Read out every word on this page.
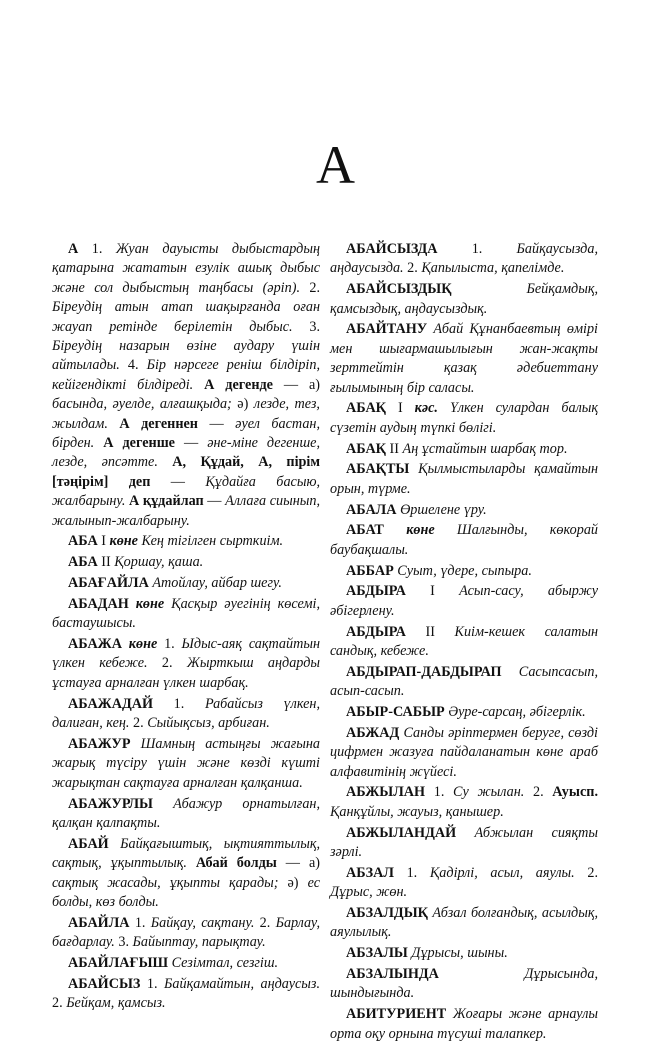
А

А 1. Жуан дауысты дыбыстардың қатарына жататын езулік ашық дыбыс және сол дыбыстың таңбасы (әріп). 2. Біреудің атын атап шақырғанда оған жауап ретінде берілетін дыбыс. 3. Біреудің назарын өзіне аудару үшін айтылады. 4. Бір нәрсеге реніш білдіріп, кейігендікті білдіреді. А дегенде — а) басында, әуелде, алғашқыда; ә) лезде, тез, жылдам. А дегеннен — әуел бастан, бірден. А дегенше — әне-міне дегенше, лезде, әпсәтте. А, Құдай, А, пірім [тәңірім] деп — Құдайға басыю, жалбарыну. А құдайлап — Аллаға сиынып, жалынып-жалбарыну.

АБА I көне Кең тігілген сырткиім.

АБА II Қоршау, қаша.

АБАҒАЙЛА Атойлау, айбар шегу.

АБАДАН көне Қасқыр әуегінің көсемі, бастаушысы.

АБАЖА көне 1. Ыдыс-аяқ сақтайтын үлкен кебеже. 2. Жырткыш аңдарды ұстауға арналған үлкен шарбақ.

АБАЖАДАЙ 1. Рабайсыз үлкен, далиған, кең. 2. Сыйықсыз, арбиған.

АБАЖУР Шамның астыңғы жағына жарық түсіру үшін және көзді күшті жарықтан сақтауға арналған қалқанша.

АБАЖУРЛЫ Абажур орнатылған, қалқан қалпақты.

АБАЙ Байқағыштық, ықтияттылық, сақтық, ұқыптылық. Абай болды — а) сақтық жасады, ұқыпты қарады; ә) ес болды, көз болды.

АБАЙЛА 1. Байқау, сақтану. 2. Барлау, бағдарлау. 3. Байыптау, парықтау.

АБАЙЛАҒЫШ Сезімтал, сезгіш.

АБАЙСЫЗ 1. Байқамайтын, аңдаусыз. 2. Бейқам, қамсыз.

АБАЙСЫЗДА 1. Байқаусызда, аңдаусызда. 2. Қапылыста, қапелімде.

АБАЙСЫЗДЫҚ	Бейқамдық, қамсыздық, аңдаусыздық.

АБАЙТАНУ Абай Құнанбаевтың өмірі мен шығармашылығын жан-жақты зерттейтін қазақ әдебиеттану ғылымының бір саласы.

АБАҚ I кәс. Үлкен сулардан балық сүзетін аудың түпкі бөлігі.

АБАҚ II Аң ұстайтын шарбақ тор.

АБАҚТЫ Қылмыстыларды қамайтын орын, түрме.

АБАЛА Өршелене үру.

АБАТ көне Шалғынды, көкорай баубақшалы.

АББАР Суыт, үдере, сыпыра.

АБДЫРА I Асып-сасу, абыржу әбігерлену.

АБДЫРА II Киім-кешек салатын сандық, кебеже.

АБДЫРАП-ДАБДЫРАП Сасыпсасып, асып-сасып.

АБЫР-САБЫР Әуре-сарсаң, әбігерлік.

АБЖАД Санды әріптермен беруге, сөзді цифрмен жазуға пайдаланатын көне араб алфавитінің жүйесі.

АБЖЫЛАН 1. Су жылан. 2. Ауысп. Қанқұйлы, жауыз, қанышер.

АБЖЫЛАНДАЙ Абжылан сияқты зәрлі.

АБЗАЛ 1. Қадірлі, асыл, аяулы. 2. Дұрыс, жөн.

АБЗАЛДЫҚ Абзал болғандық, асылдық, аяулылық.

АБЗАЛЫ Дұрысы, шыны.

АБЗАЛЫНДА	Дұрысында, шындығында.

АБИТУРИЕНТ Жоғары және арнаулы орта оқу орнына түсуші талапкер.
